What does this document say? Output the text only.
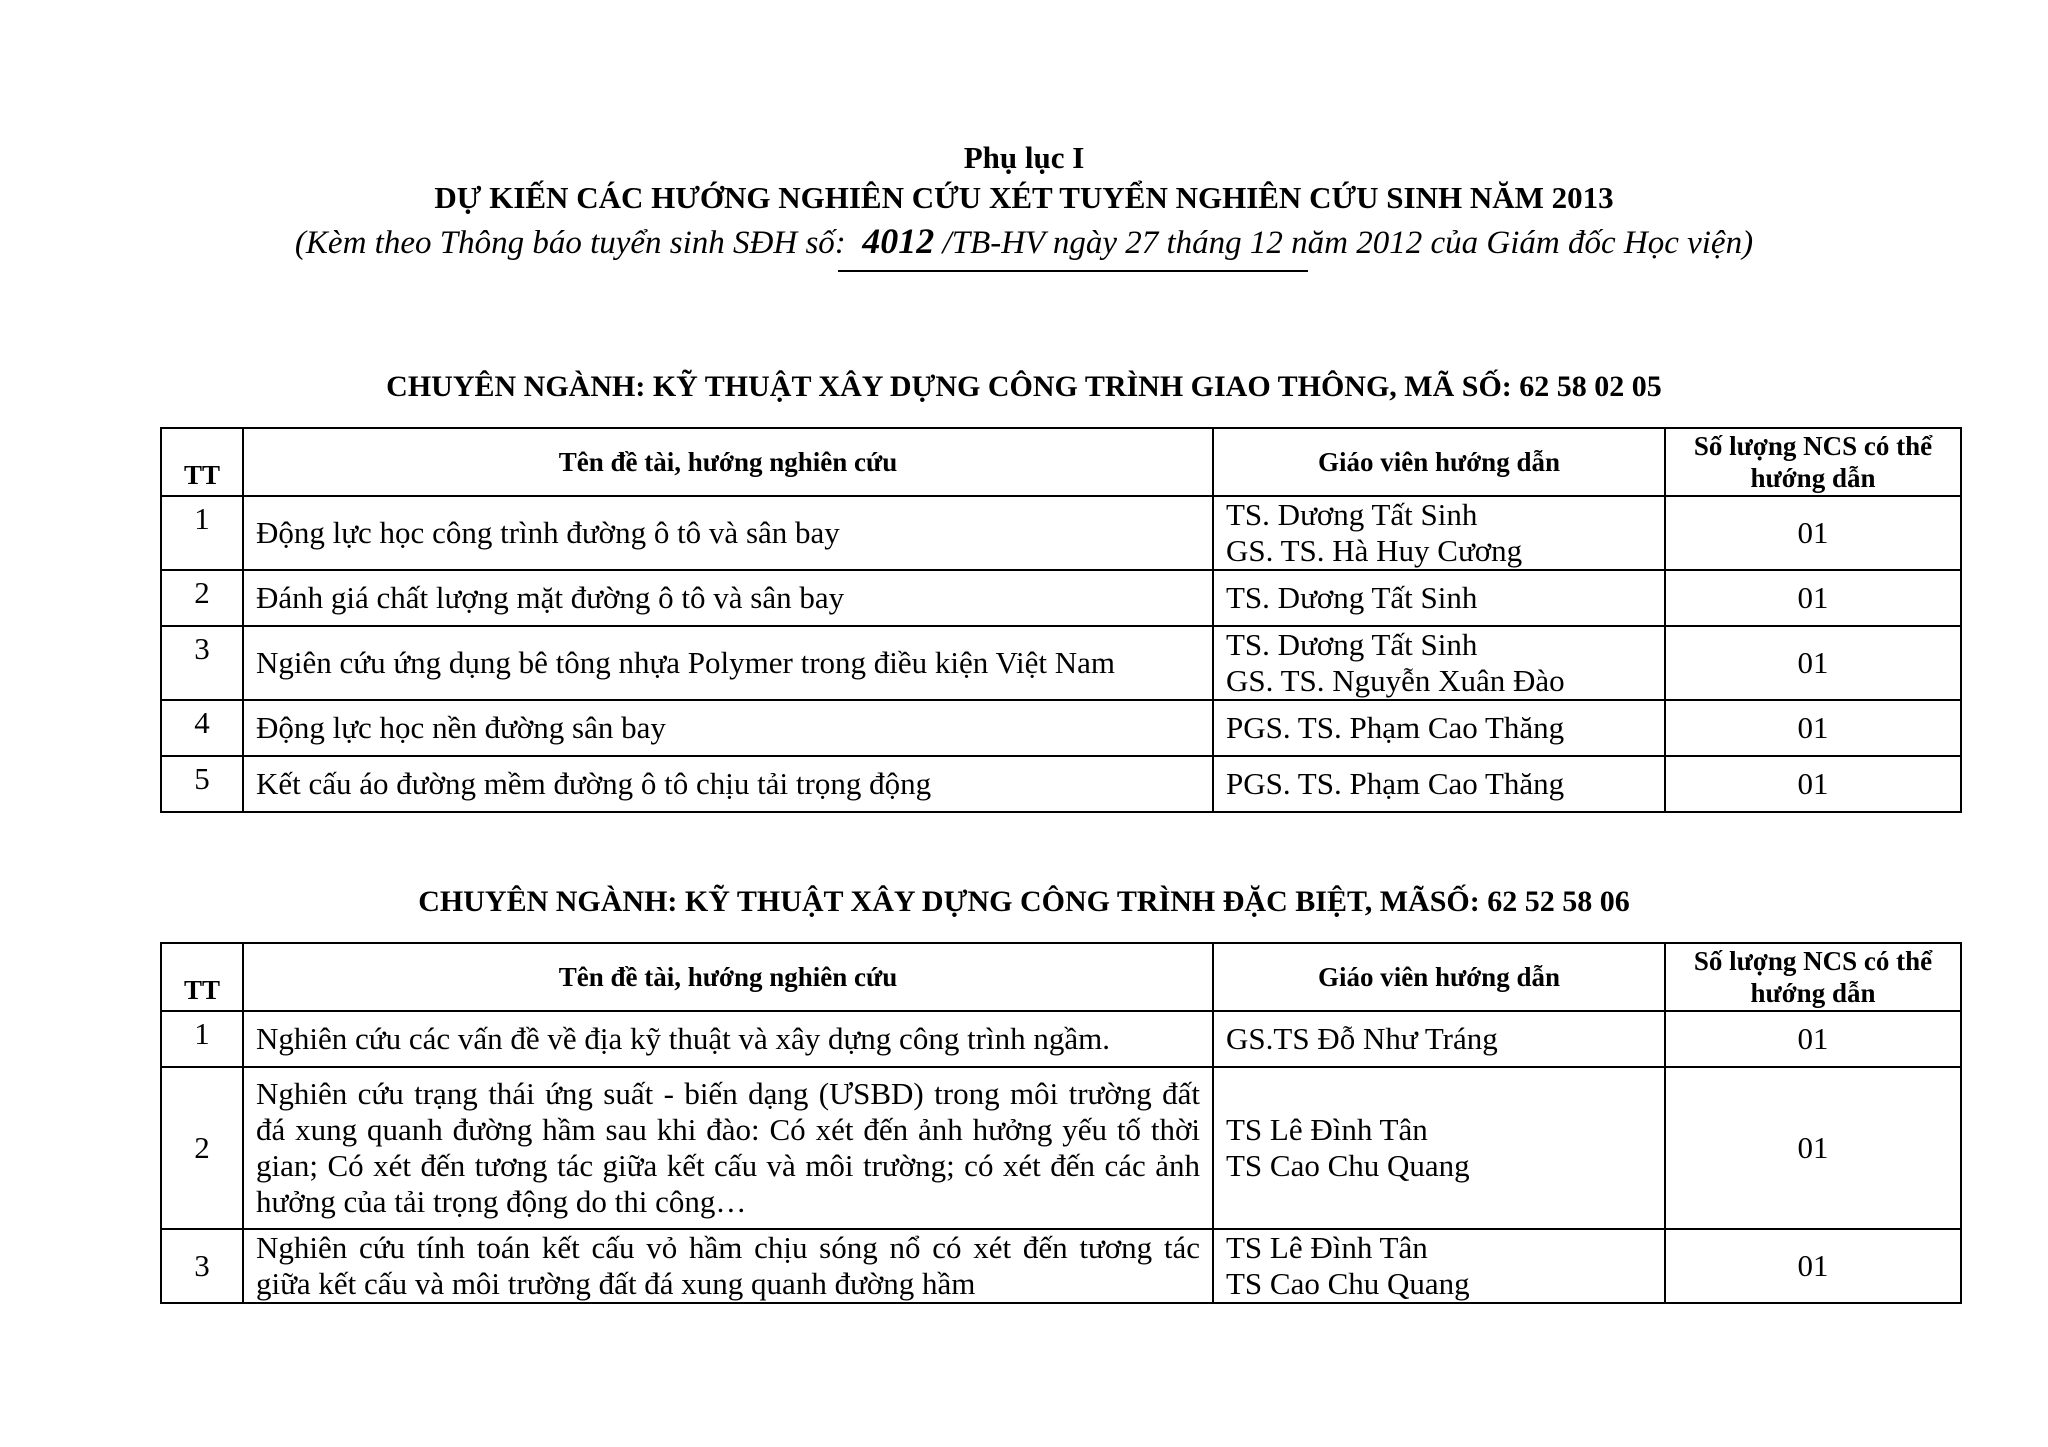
Phụ lục I
DỰ KIẾN CÁC HƯỚNG NGHIÊN CỨU XÉT TUYỂN NGHIÊN CỨU SINH NĂM 2013
(Kèm theo Thông báo tuyển sinh SĐH số: 4012 /TB-HV ngày 27 tháng 12 năm 2012 của Giám đốc Học viện)
CHUYÊN NGÀNH: KỸ THUẬT XÂY DỰNG CÔNG TRÌNH GIAO THÔNG, MÃ SỐ: 62 58 02 05
TT	Tên đề tài, hướng nghiên cứu	Giáo viên hướng dẫn	Số lượng NCS có thể
hướng dẫn

1	Động lực học công trình đường ô tô và sân bay	TS. Dương Tất Sinh
GS. TS. Hà Huy Cương	01
2	Đánh giá chất lượng mặt đường ô tô và sân bay	TS. Dương Tất Sinh	01
3	Ngiên cứu ứng dụng bê tông nhựa Polymer trong điều kiện Việt Nam	TS. Dương Tất Sinh
GS. TS. Nguyễn Xuân Đào	01
4	Động lực học nền đường sân bay	PGS. TS. Phạm Cao Thăng	01
5	Kết cấu áo đường mềm đường ô tô chịu tải trọng động	PGS. TS. Phạm Cao Thăng	01
CHUYÊN NGÀNH: KỸ THUẬT XÂY DỰNG CÔNG TRÌNH ĐẶC BIỆT, MÃSỐ: 62 52 58 06
TT	Tên đề tài, hướng nghiên cứu	Giáo viên hướng dẫn	Số lượng NCS có thể
hướng dẫn

1	Nghiên cứu các vấn đề về địa kỹ thuật và xây dựng công trình ngầm.	GS.TS Đỗ Như Tráng	01
2	Nghiên cứu trạng thái ứng suất - biến dạng (ƯSBD) trong môi trường đất
đá xung quanh đường hầm sau khi đào: Có xét đến ảnh hưởng yếu tố thời
gian; Có xét đến tương tác giữa kết cấu và môi trường; có xét đến các ảnh
hưởng của tải trọng động do thi công…	TS Lê Đình Tân
TS Cao Chu Quang	01
3	Nghiên cứu tính toán kết cấu vỏ hầm chịu sóng nổ có xét đến tương tác
giữa kết cấu và môi trường đất đá xung quanh đường hầm	TS Lê Đình Tân
TS Cao Chu Quang	01
